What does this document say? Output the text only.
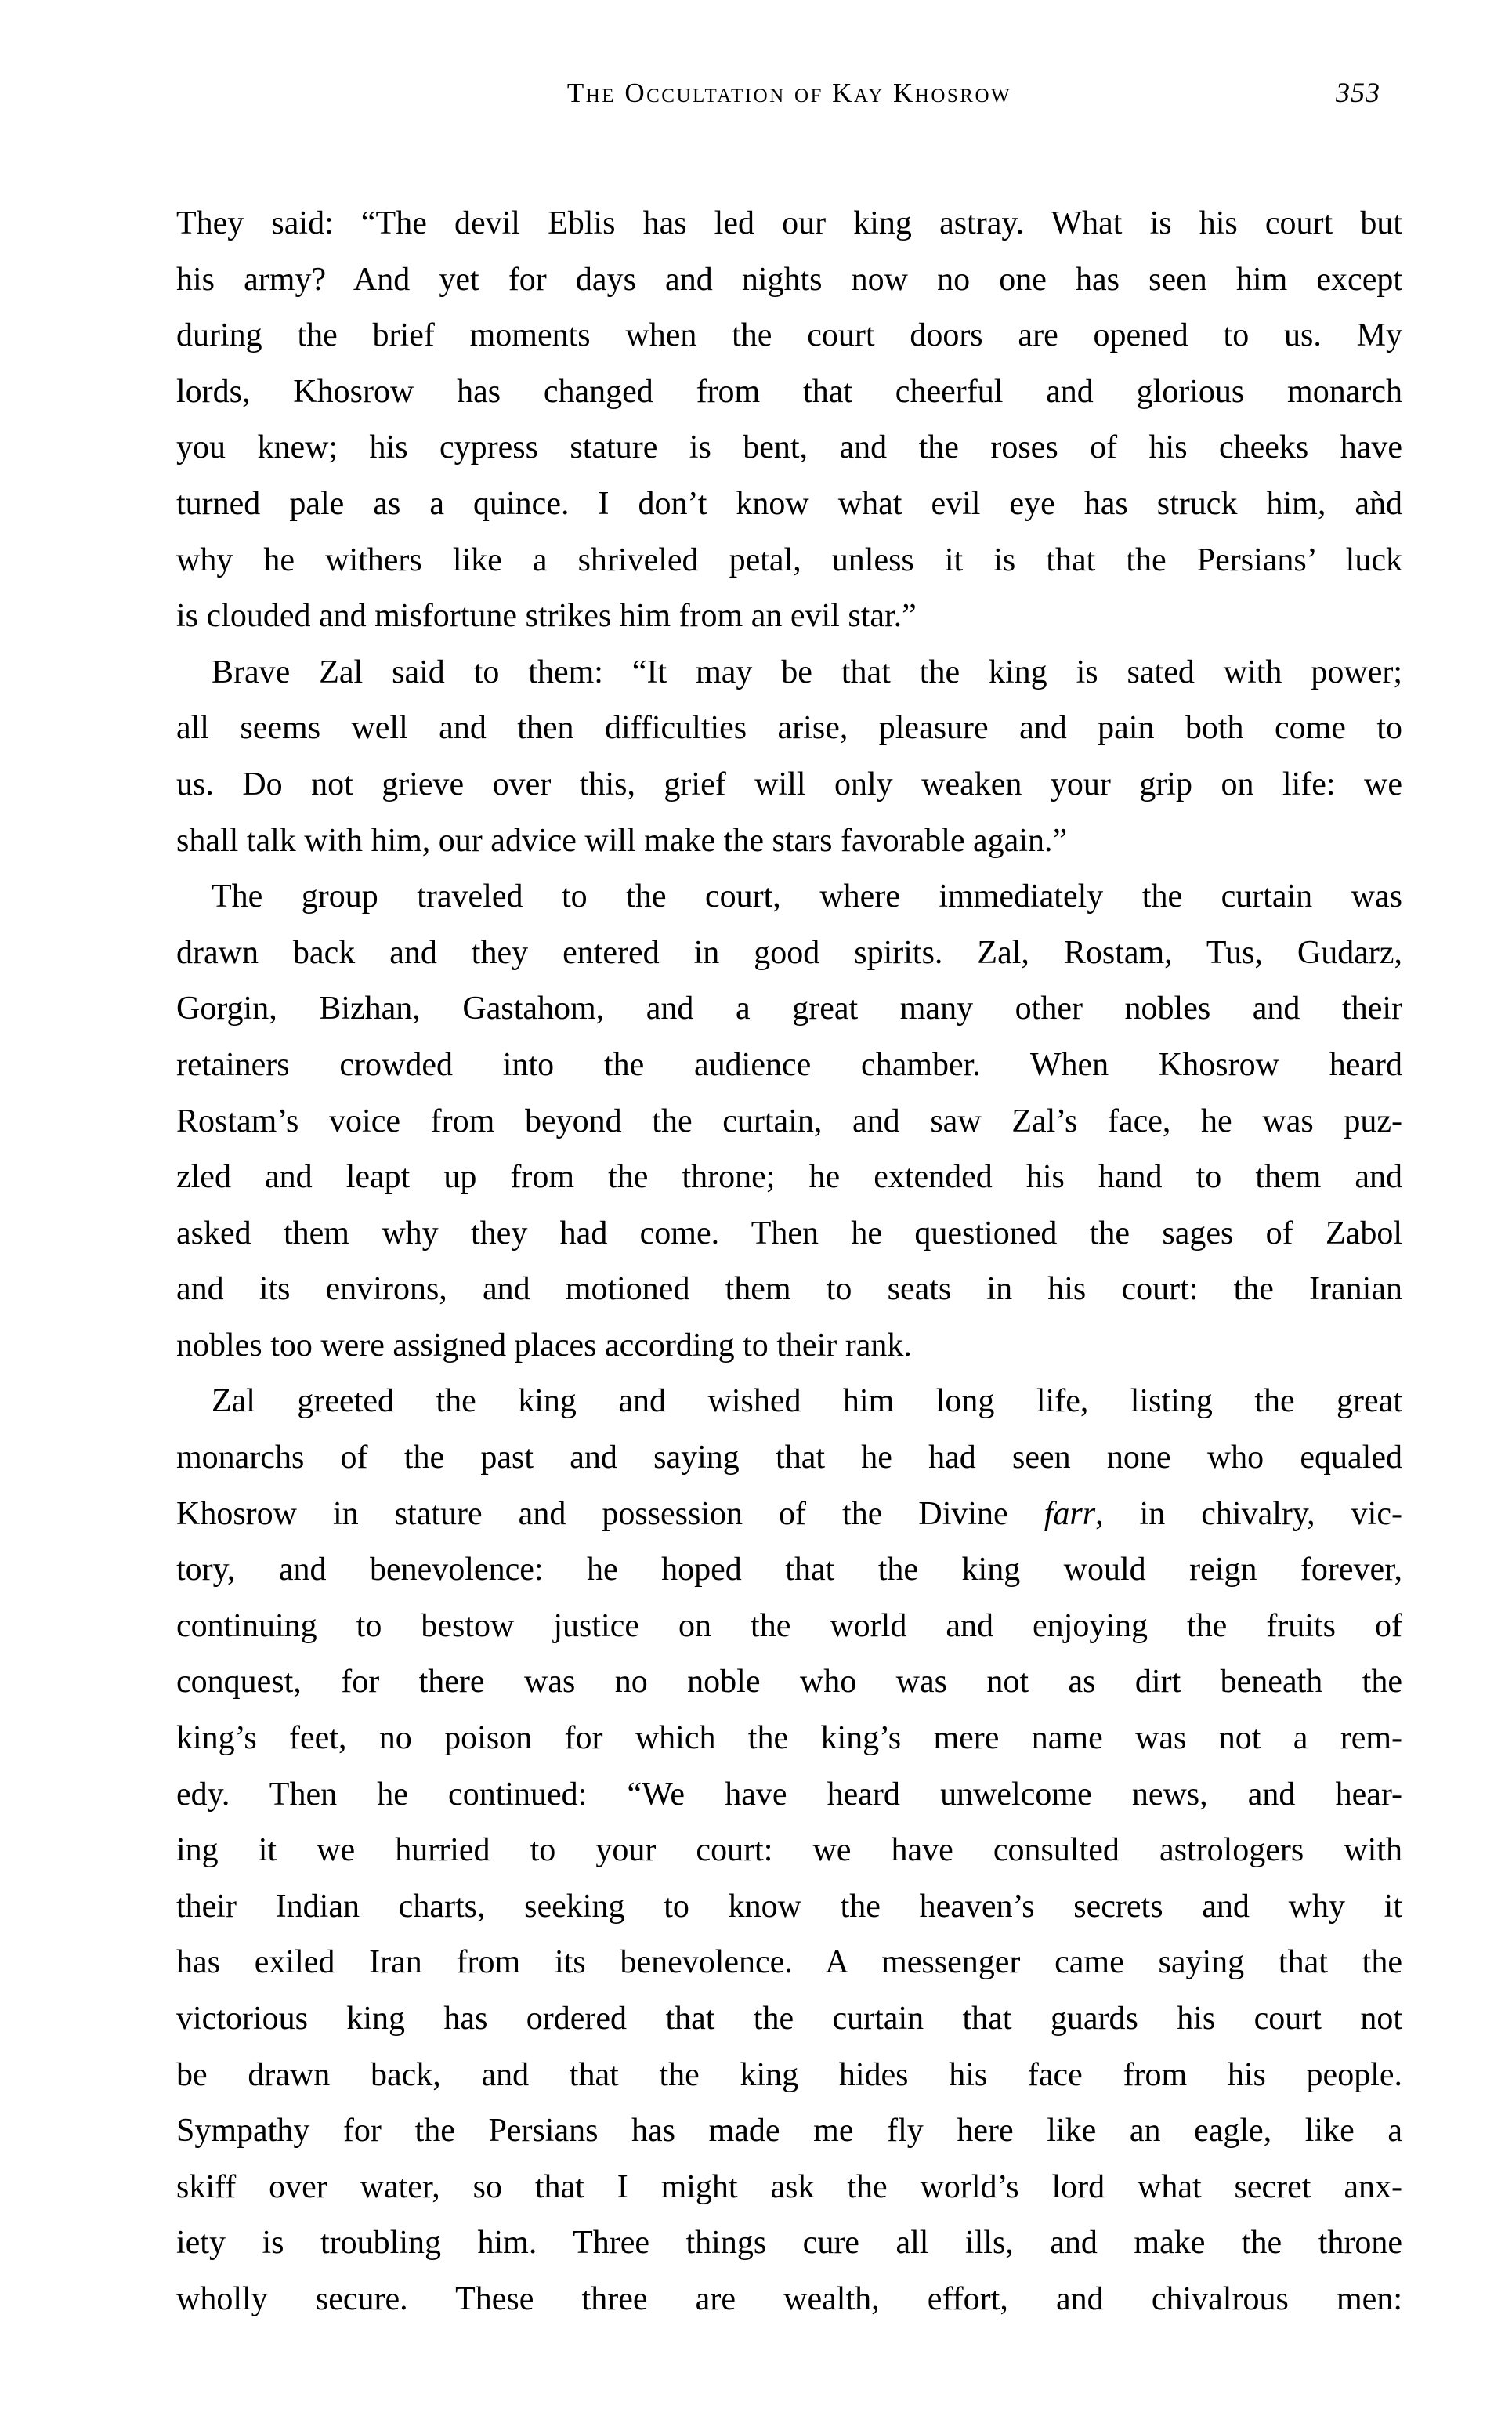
The Occultation of Kay Khosrow	353
They said: “The devil Eblis has led our king astray. What is his court but
his army? And yet for days and nights now no one has seen him except
during the brief moments when the court doors are opened to us. My
lords, Khosrow has changed from that cheerful and glorious monarch
you knew; his cypress stature is bent, and the roses of his cheeks have
turned pale as a quince. I don’t know what evil eye has struck him, aǹd
why he withers like a shriveled petal, unless it is that the Persians’ luck
is clouded and misfortune strikes him from an evil star.”
Brave Zal said to them: “It may be that the king is sated with power;
all seems well and then difficulties arise, pleasure and pain both come to
us. Do not grieve over this, grief will only weaken your grip on life: we
shall talk with him, our advice will make the stars favorable again.”
The group traveled to the court, where immediately the curtain was
drawn back and they entered in good spirits. Zal, Rostam, Tus, Gudarz,
Gorgin, Bizhan, Gastahom, and a great many other nobles and their
retainers crowded into the audience chamber. When Khosrow heard
Rostam’s voice from beyond the curtain, and saw Zal’s face, he was puz-
zled and leapt up from the throne; he extended his hand to them and
asked them why they had come. Then he questioned the sages of Zabol
and its environs, and motioned them to seats in his court: the Iranian
nobles too were assigned places according to their rank.
Zal greeted the king and wished him long life, listing the great
monarchs of the past and saying that he had seen none who equaled
Khosrow in stature and possession of the Divine farr, in chivalry, vic-
tory, and benevolence: he hoped that the king would reign forever,
continuing to bestow justice on the world and enjoying the fruits of
conquest, for there was no noble who was not as dirt beneath the
king’s feet, no poison for which the king’s mere name was not a rem-
edy. Then he continued: “We have heard unwelcome news, and hear-
ing it we hurried to your court: we have consulted astrologers with
their Indian charts, seeking to know the heaven’s secrets and why it
has exiled Iran from its benevolence. A messenger came saying that the
victorious king has ordered that the curtain that guards his court not
be drawn back, and that the king hides his face from his people.
Sympathy for the Persians has made me fly here like an eagle, like a
skiff over water, so that I might ask the world’s lord what secret anx-
iety is troubling him. Three things cure all ills, and make the throne
wholly secure. These three are wealth, effort, and chivalrous men:
